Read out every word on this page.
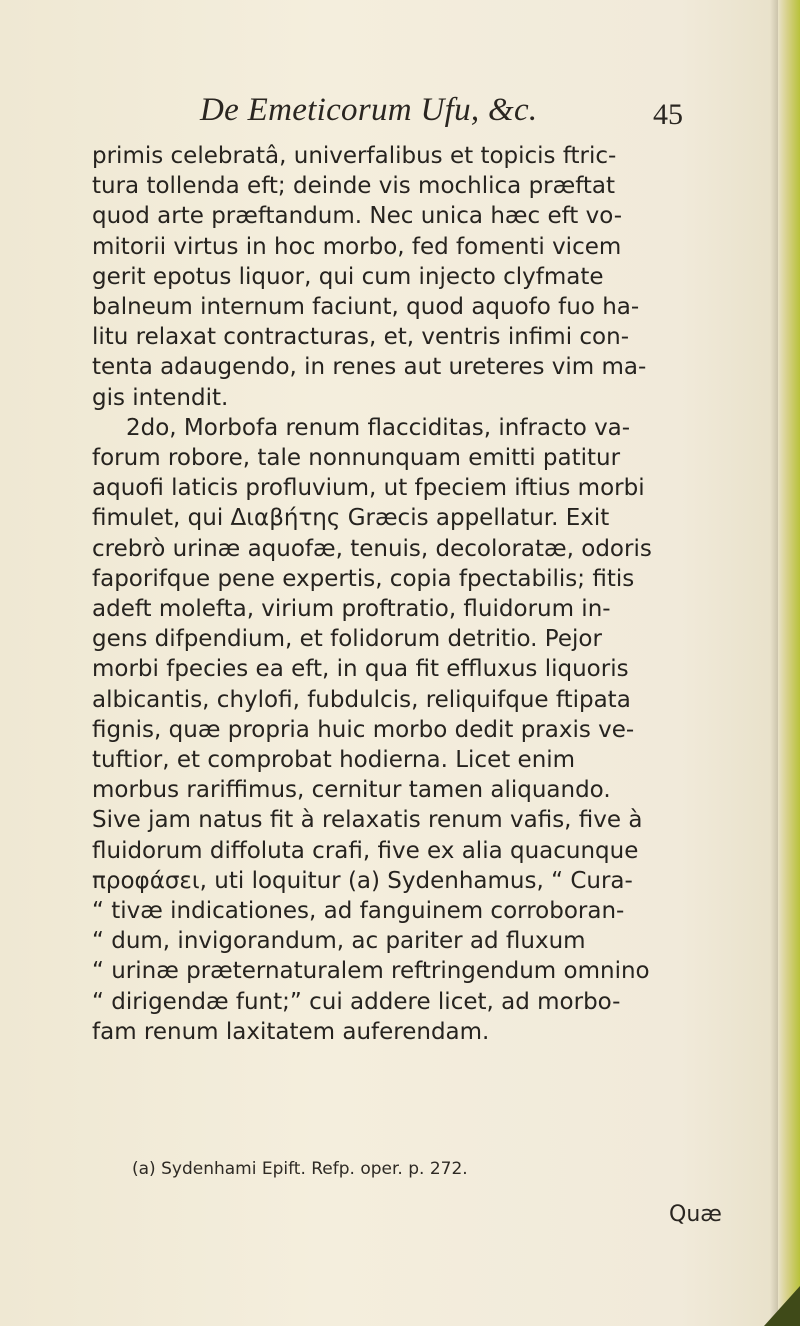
De Emeticorum Ufu, &c.	45
primis celebratâ, univerfalibus et topicis ftric-
tura tollenda eft; deinde vis mochlica præftat
quod arte præftandum. Nec unica hæc eft vo-
mitorii virtus in hoc morbo, fed fomenti vicem
gerit epotus liquor, qui cum injecto clyfmate
balneum internum faciunt, quod aquofo fuo ha-
litu relaxat contracturas, et, ventris infimi con-
tenta adaugendo, in renes aut ureteres vim ma-
gis intendit.
2do, Morbofa renum flacciditas, infracto va-
forum robore, tale nonnunquam emitti patitur
aquofi laticis profluvium, ut fpeciem iftius morbi
fimulet, qui Διαβήτης Græcis appellatur. Exit
crebrò urinæ aquofæ, tenuis, decoloratæ, odoris
faporifque pene expertis, copia fpectabilis; fitis
adeft molefta, virium proftratio, fluidorum in-
gens difpendium, et folidorum detritio. Pejor
morbi fpecies ea eft, in qua fit effluxus liquoris
albicantis, chylofi, fubdulcis, reliquifque ftipata
fignis, quæ propria huic morbo dedit praxis ve-
tuftior, et comprobat hodierna. Licet enim
morbus rariffimus, cernitur tamen aliquando.
Sive jam natus fit à relaxatis renum vafis, five à
fluidorum diffoluta crafi, five ex alia quacunque
προφάσει, uti loquitur (a) Sydenhamus, “ Cura-
“ tivæ indicationes, ad fanguinem corroboran-
“ dum, invigorandum, ac pariter ad fluxum
“ urinæ præternaturalem reftringendum omnino
“ dirigendæ funt;” cui addere licet, ad morbo-
fam renum laxitatem auferendam.
(a) Sydenhami Epift. Refp. oper. p. 272.
Quæ
